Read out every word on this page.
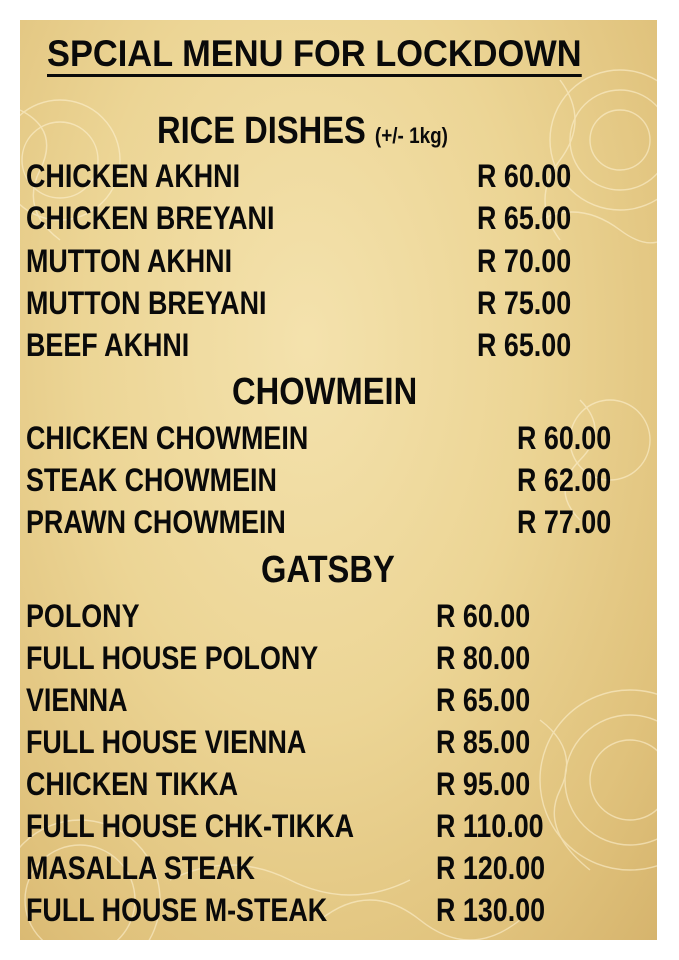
SPCIAL MENU FOR LOCKDOWN
RICE DISHES (+/- 1kg)
CHICKEN AKHNI	R 60.00
CHICKEN BREYANI	R 65.00
MUTTON AKHNI	R 70.00
MUTTON BREYANI	R 75.00
BEEF AKHNI	R 65.00
CHOWMEIN
CHICKEN CHOWMEIN	R 60.00
STEAK CHOWMEIN	R 62.00
PRAWN CHOWMEIN	R 77.00
GATSBY
POLONY	R 60.00
FULL HOUSE POLONY	R 80.00
VIENNA	R 65.00
FULL HOUSE VIENNA	R 85.00
CHICKEN TIKKA	R 95.00
FULL HOUSE CHK-TIKKA	R 110.00
MASALLA STEAK	R 120.00
FULL HOUSE M-STEAK	R 130.00
